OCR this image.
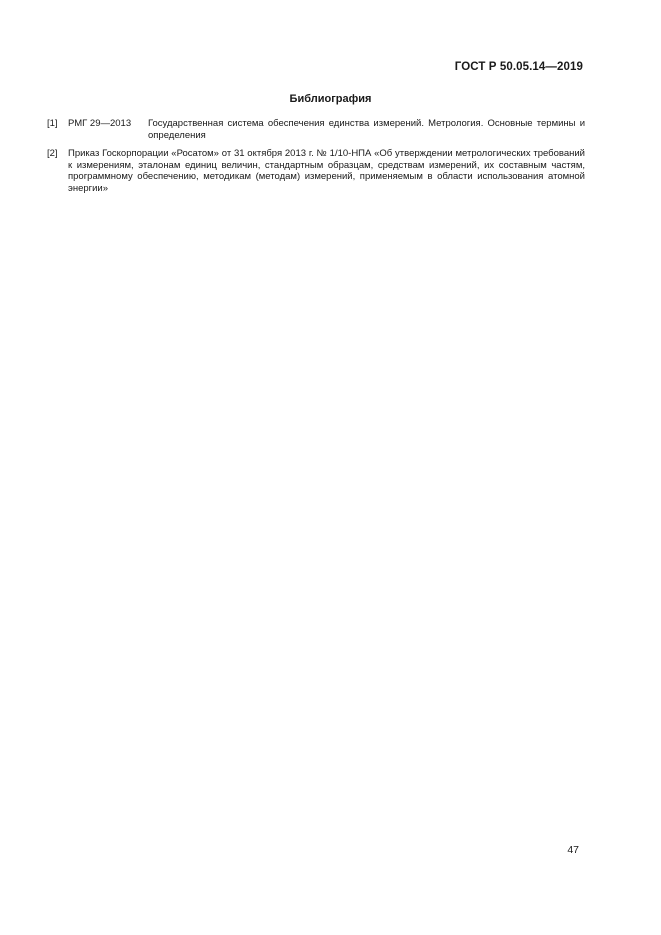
ГОСТ Р 50.05.14—2019
Библиография
[1] РМГ 29—2013	Государственная система обеспечения единства измерений. Метрология. Основные термины и определения
[2] Приказ Госкорпорации «Росатом» от 31 октября 2013 г. № 1/10-НПА «Об утверждении метрологических требований к измерениям, эталонам единиц величин, стандартным образцам, средствам измерений, их составным частям, программному обеспечению, методикам (методам) измерений, применяемым в области использования атомной энергии»
47
